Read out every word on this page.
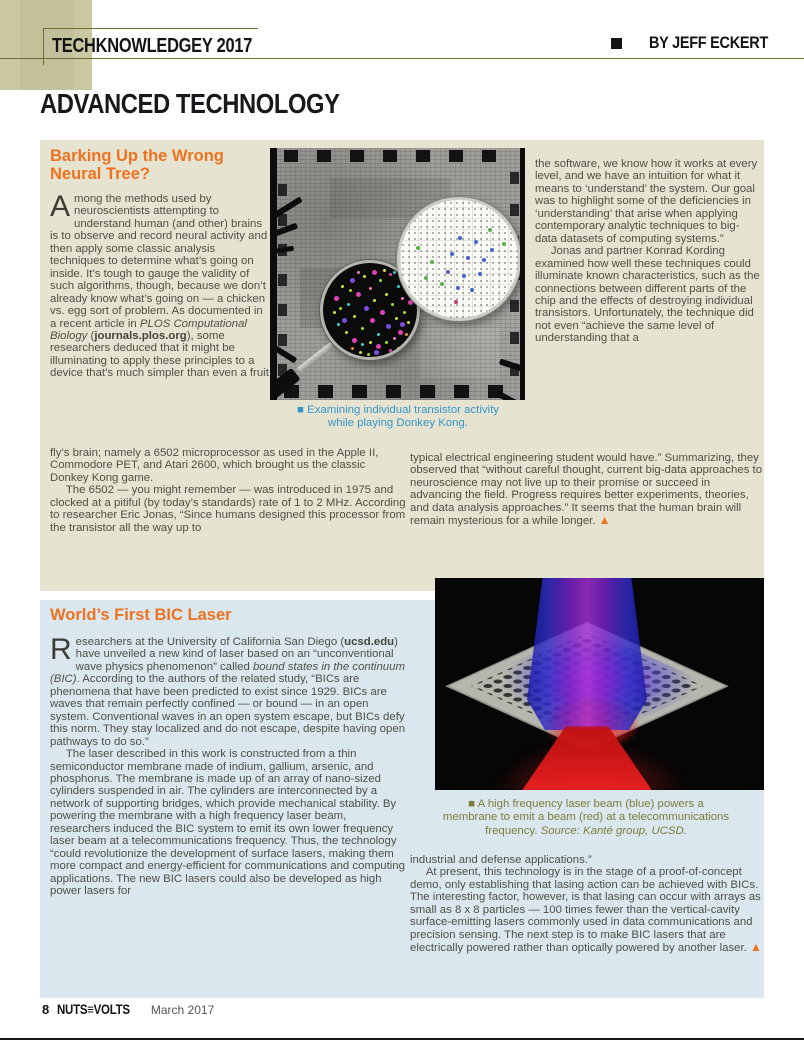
TECHKNOWLEDGEY 2017	BY JEFF ECKERT
ADVANCED TECHNOLOGY
Barking Up the Wrong
Neural Tree?
Among the methods used by neuroscientists attempting to understand human (and other) brains is to observe and record neural activity and then apply some classic analysis techniques to determine what’s going on inside. It’s tough to gauge the validity of such algorithms, though, because we don’t already know what’s going on — a chicken vs. egg sort of problem. As documented in a recent article in PLOS Computational Biology (journals.plos.org), some researchers deduced that it might be illuminating to apply these principles to a device that’s much simpler than even a fruit
the software, we know how it works at every level, and we have an intuition for what it means to ‘understand’ the system. Our goal was to highlight some of the deficiencies in ‘understanding’ that arise when applying contemporary analytic techniques to big-data datasets of computing systems.”
Jonas and partner Konrad Kording examined how well these techniques could illuminate known characteristics, such as the connections between different parts of the chip and the effects of destroying individual transistors. Unfortunately, the technique did not even “achieve the same level of understanding that a
fly’s brain; namely a 6502 microprocessor as used in the Apple II, Commodore PET, and Atari 2600, which brought us the classic Donkey Kong game.
The 6502 — you might remember — was introduced in 1975 and clocked at a pitiful (by today’s standards) rate of 1 to 2 MHz. According to researcher Eric Jonas, “Since humans designed this processor from the transistor all the way up to
typical electrical engineering student would have.” Summarizing, they observed that “without careful thought, current big-data approaches to neuroscience may not live up to their promise or succeed in advancing the field. Progress requires better experiments, theories, and data analysis approaches.” It seems that the human brain will remain mysterious for a while longer. ▲
■ Examining individual transistor activity
while playing Donkey Kong.
World’s First BIC Laser
Researchers at the University of California San Diego (ucsd.edu) have unveiled a new kind of laser based on an “unconventional wave physics phenomenon” called bound states in the continuum (BIC). According to the authors of the related study, “BICs are phenomena that have been predicted to exist since 1929. BICs are waves that remain perfectly confined — or bound — in an open system. Conventional waves in an open system escape, but BICs defy this norm. They stay localized and do not escape, despite having open pathways to do so.”
The laser described in this work is constructed from a thin semiconductor membrane made of indium, gallium, arsenic, and phosphorus. The membrane is made up of an array of nano-sized cylinders suspended in air. The cylinders are interconnected by a network of supporting bridges, which provide mechanical stability. By powering the membrane with a high frequency laser beam, researchers induced the BIC system to emit its own lower frequency laser beam at a telecommunications frequency. Thus, the technology “could revolutionize the development of surface lasers, making them more compact and energy-efficient for communications and computing applications. The new BIC lasers could also be developed as high power lasers for
■ A high frequency laser beam (blue) powers a
membrane to emit a beam (red) at a telecommunications
frequency. Source: Kanté group, UCSD.
industrial and defense applications.”
At present, this technology is in the stage of a proof-of-concept demo, only establishing that lasing action can be achieved with BICs. The interesting factor, however, is that lasing can occur with arrays as small as 8 x 8 particles — 100 times fewer than the vertical-cavity surface-emitting lasers commonly used in data communications and precision sensing. The next step is to make BIC lasers that are electrically powered rather than optically powered by another laser. ▲
8 NUTS≡VOLTS March 2017
